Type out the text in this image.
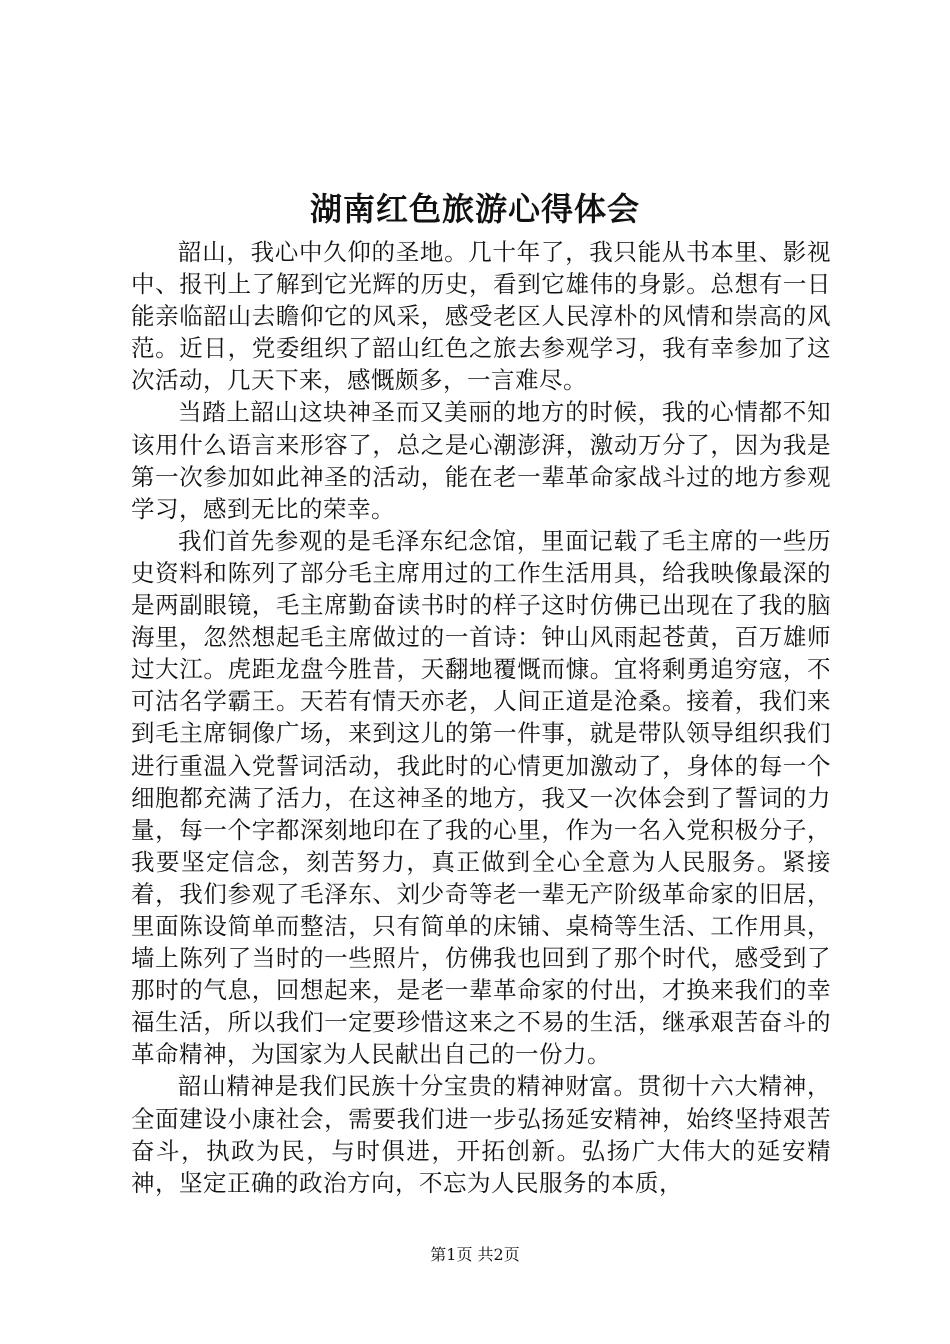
湖南红色旅游心得体会

韶山，我心中久仰的圣地。几十年了，我只能从书本里、影视中、报刊上了解到它光辉的历史，看到它雄伟的身影。总想有一日能亲临韶山去瞻仰它的风采，感受老区人民淳朴的风情和崇高的风范。近日，党委组织了韶山红色之旅去参观学习，我有幸参加了这次活动，几天下来，感慨颇多，一言难尽。

当踏上韶山这块神圣而又美丽的地方的时候，我的心情都不知该用什么语言来形容了，总之是心潮澎湃，激动万分了，因为我是第一次参加如此神圣的活动，能在老一辈革命家战斗过的地方参观学习，感到无比的荣幸。

我们首先参观的是毛泽东纪念馆，里面记载了毛主席的一些历史资料和陈列了部分毛主席用过的工作生活用具，给我映像最深的是两副眼镜，毛主席勤奋读书时的样子这时仿佛已出现在了我的脑海里，忽然想起毛主席做过的一首诗：钟山风雨起苍黄，百万雄师过大江。虎距龙盘今胜昔，天翻地覆慨而慷。宜将剩勇追穷寇，不可沽名学霸王。天若有情天亦老，人间正道是沧桑。接着，我们来到毛主席铜像广场，来到这儿的第一件事，就是带队领导组织我们进行重温入党誓词活动，我此时的心情更加激动了，身体的每一个细胞都充满了活力，在这神圣的地方，我又一次体会到了誓词的力量，每一个字都深刻地印在了我的心里，作为一名入党积极分子，我要坚定信念，刻苦努力，真正做到全心全意为人民服务。紧接着，我们参观了毛泽东、刘少奇等老一辈无产阶级革命家的旧居，里面陈设简单而整洁，只有简单的床铺、桌椅等生活、工作用具，墙上陈列了当时的一些照片，仿佛我也回到了那个时代，感受到了那时的气息，回想起来，是老一辈革命家的付出，才换来我们的幸福生活，所以我们一定要珍惜这来之不易的生活，继承艰苦奋斗的革命精神，为国家为人民献出自己的一份力。

韶山精神是我们民族十分宝贵的精神财富。贯彻十六大精神，全面建设小康社会，需要我们进一步弘扬延安精神，始终坚持艰苦奋斗，执政为民，与时俱进，开拓创新。弘扬广大伟大的延安精神，坚定正确的政治方向，不忘为人民服务的本质，

第1页 共2页
